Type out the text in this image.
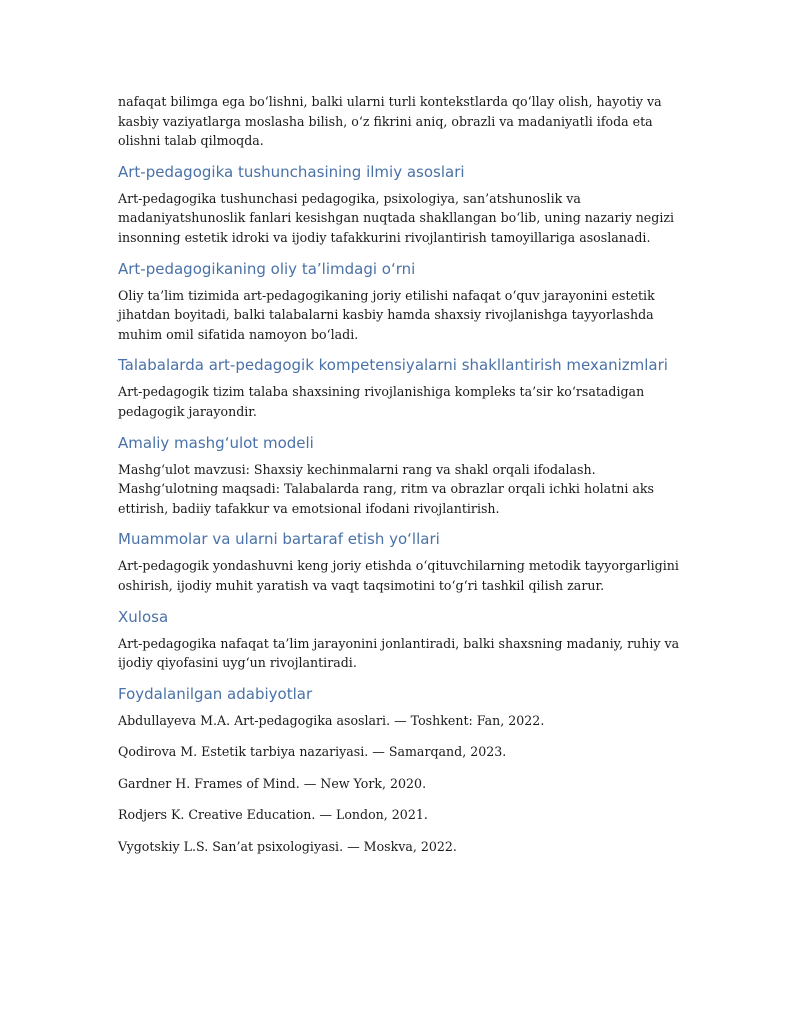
nafaqat bilimga ega bo‘lishni, balki ularni turli kontekstlarda qo‘llay olish, hayotiy va kasbiy vaziyatlarga moslasha bilish, o‘z fikrini aniq, obrazli va madaniyatli ifoda eta olishni talab qilmoqda.

Art-pedagogika tushunchasining ilmiy asoslari

Art-pedagogika tushunchasi pedagogika, psixologiya, san’atshunoslik va madaniyatshunoslik fanlari kesishgan nuqtada shakllangan bo‘lib, uning nazariy negizi insonning estetik idroki va ijodiy tafakkurini rivojlantirish tamoyillariga asoslanadi.

Art-pedagogikaning oliy ta’limdagi o‘rni

Oliy ta’lim tizimida art-pedagogikaning joriy etilishi nafaqat o‘quv jarayonini estetik jihatdan boyitadi, balki talabalarni kasbiy hamda shaxsiy rivojlanishga tayyorlashda muhim omil sifatida namoyon bo‘ladi.

Talabalarda art-pedagogik kompetensiyalarni shakllantirish mexanizmlari

Art-pedagogik tizim talaba shaxsining rivojlanishiga kompleks ta’sir ko‘rsatadigan pedagogik jarayondir.

Amaliy mashg‘ulot modeli

Mashg‘ulot mavzusi: Shaxsiy kechinmalarni rang va shakl orqali ifodalash. Mashg‘ulotning maqsadi: Talabalarda rang, ritm va obrazlar orqali ichki holatni aks ettirish, badiiy tafakkur va emotsional ifodani rivojlantirish.

Muammolar va ularni bartaraf etish yo‘llari

Art-pedagogik yondashuvni keng joriy etishda o‘qituvchilarning metodik tayyorgarligini oshirish, ijodiy muhit yaratish va vaqt taqsimotini to‘g‘ri tashkil qilish zarur.

Xulosa

Art-pedagogika nafaqat ta’lim jarayonini jonlantiradi, balki shaxsning madaniy, ruhiy va ijodiy qiyofasini uyg‘un rivojlantiradi.

Foydalanilgan adabiyotlar
Abdullayeva M.A. Art-pedagogika asoslari. — Toshkent: Fan, 2022.
Qodirova M. Estetik tarbiya nazariyasi. — Samarqand, 2023.
Gardner H. Frames of Mind. — New York, 2020.
Rodjers K. Creative Education. — London, 2021.
Vygotskiy L.S. San’at psixologiyasi. — Moskva, 2022.
